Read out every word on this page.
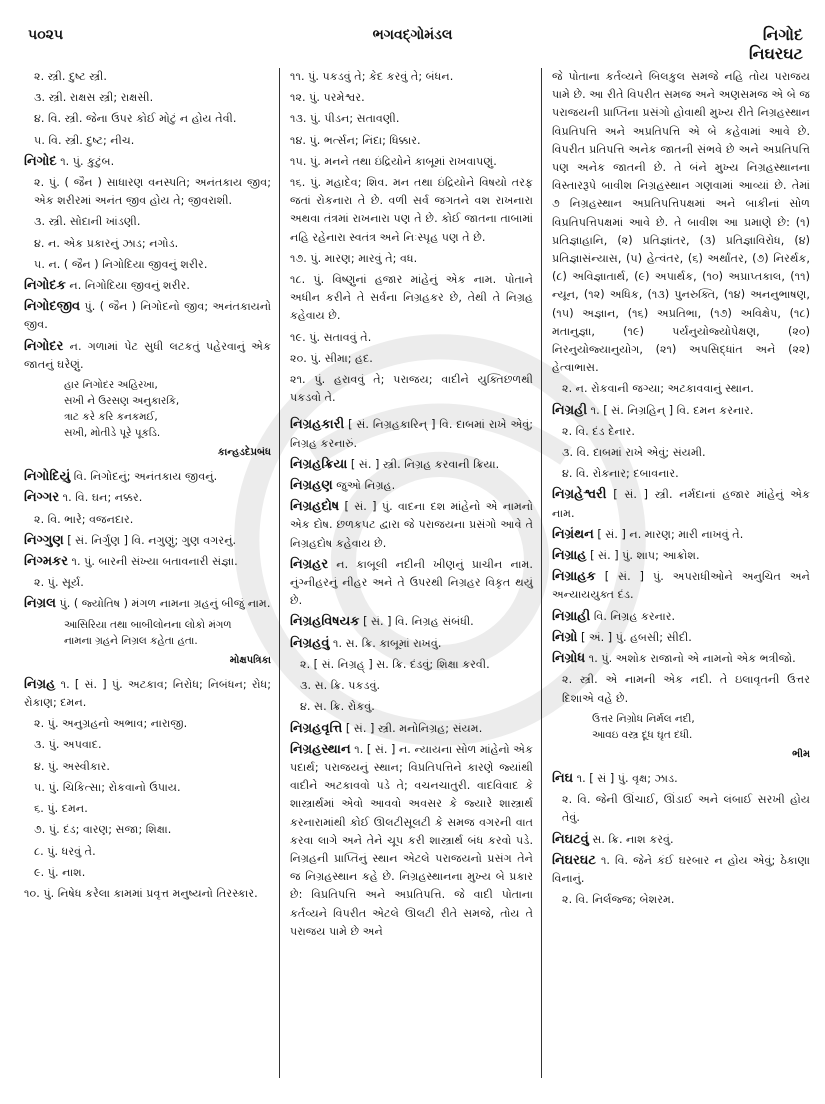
૫૦૨૫	ભગવદ્ગોમંડલ	નિગોદ
નિઘરઘટ

૨. સ્ત્રી. દુષ્ટ સ્ત્રી.

૩. સ્ત્રી. રાક્ષસ સ્ત્રી; રાક્ષસી.

૪. વિ. સ્ત્રી. જેના ઉપર કોઈ મોટું ન હોય તેવી.

૫. વિ. સ્ત્રી. દુષ્ટ; નીચ.

નિગોદ ૧. પું. કુટુંબ.

૨. પું. ( જૈન ) સાધારણ વનસ્પતિ; અનંતકાય જીવ; એક શરીરમાં અનંત જીવ હોય તે; જીવરાશી.

૩. સ્ત્રી. સોદાની ખાંડણી.

૪. ન. એક પ્રકારનું ઝાડ; નગોડ.

૫. ન. ( જૈન ) નિગોદિયા જીવનું શરીર.

નિગોદક ન. નિગોદિયા જીવનું શરીર.

નિગોદજીવ પું. ( જૈન ) નિગોદનો જીવ; અનંતકાયનો જીવ.

નિગોદર ન. ગળામાં પેટ સુધી લટકતું પહેરવાનું એક જાતનું ઘરેણું.

હાર નિગોદર અહિરખા,
સખી ને ઉરસણ અનુકારકિ,
ત્રાટ કરે કરિ કનકમઈ,
સખી, મોતીડે પૂરે પૂકડિ.
કાન્હડદેપ્રબંધ

નિગોદિયું વિ. નિગોદનું; અનંતકાય જીવનું.

નિગ્ગર ૧. વિ. ઘન; નક્કર.

૨. વિ. ભારે; વજનદાર.

નિગ્ગુણ [ સં. નિર્ગુણ ] વિ. નગુણું; ગુણ વગરનું.

નિગ્મકર ૧. પું. બારની સંખ્યા બતાવનારી સંજ્ઞા.

૨. પું. સૂર્ય.

નિગ્રલ પું. ( જ્યોતિષ ) મંગળ નામના ગ્રહનું બીજું નામ.

આસિરિયા તથા બાબીલોનના લોકો મંગળ
નામના ગ્રહને નિગ્રલ કહેતા હતા.
મોક્ષપત્રિકા

નિગ્રહ ૧. [ સં. ] પું. અટકાવ; નિરોધ; નિબંધન; રોધ; રોકાણ; દમન.

૨. પું. અનુગ્રહનો અભાવ; નારાજી.

૩. પું. અપવાદ.

૪. પું. અસ્વીકાર.

૫. પું. ચિકિત્સા; રોકવાનો ઉપાય.

૬. પું. દમન.

૭. પું. દંડ; વારણ; સજા; શિક્ષા.

૮. પું. ધરવું તે.

૯. પું. નાશ.

૧૦. પું. નિષેધ કરેલા કામમાં પ્રવૃત્ત મનુષ્યનો તિરસ્કાર.

૧૧. પું. પકડવું તે; કેદ કરવું તે; બંધન.

૧૨. પું. પરમેશ્વર.

૧૩. પું. પીડન; સતાવણી.

૧૪. પું. ભર્ત્સન; નિંદા; ધિક્કાર.

૧૫. પું. મનને તથા ઇંદ્રિયોને કાબૂમાં રાખવાપણું.

૧૬. પું. મહાદેવ; શિવ. મન તથા ઇંદ્રિયોને વિષયો તરફ જતાં રોકનારા તે છે. વળી સર્વ જગતને વશ રાખનારા અથવા તંત્રમાં રાખનારા પણ તે છે. કોઈ જાતના તાબામાં નહિ રહેનારા સ્વતંત્ર અને નિઃસ્પૃહ પણ તે છે.

૧૭. પું. મારણ; મારવું તે; વધ.

૧૮. પું. વિષ્ણુનાં હજાર માંહેનું એક નામ. પોતાને અધીન કરીને તે સર્વના નિગ્રહકર છે, તેથી તે નિગ્રહ કહેવાય છે.

૧૯. પું. સતાવવું તે.

૨૦. પું. સીમા; હદ.

૨૧. પું. હરાવવું તે; પરાજય; વાદીને યુક્તિછળથી પકડવો તે.

નિગ્રહકારી [ સં. નિગ્રહકારિન્ ] વિ. દાબમાં રાખે એવું; નિગ્રહ કરનારું.

નિગ્રહક્રિયા [ સં. ] સ્ત્રી. નિગ્રહ કરવાની ક્રિયા.

નિગ્રહણ જુઓ નિગ્રહ.

નિગ્રહદોષ [ સં. ] પું. વાદના દશ માંહેનો એ નામનો એક દોષ. છળકપટ દ્વારા જે પરાજયના પ્રસંગો આવે તે નિગ્રહદોષ કહેવાય છે.

નિગ્રહર ન. કાબૂલી નદીની ખીણનું પ્રાચીન નામ. નુંગ્નીહરનું નીહર અને તે ઉપરથી નિગ્રહર વિકૃત થયું છે.

નિગ્રહવિષયક [ સં. ] વિ. નિગ્રહ સંબંધી.

નિગ્રહવું ૧. સ. ક્રિ. કાબૂમાં રાખવું.

૨. [ સં. નિગ્રહ્ ] સ. ક્રિ. દંડવું; શિક્ષા કરવી.

૩. સ. ક્રિ. પકડવું.

૪. સ. ક્રિ. રોકવું.

નિગ્રહવૃત્તિ [ સં. ] સ્ત્રી. મનોનિગ્રહ; સંયમ.

નિગ્રહસ્થાન ૧. [ સં. ] ન. ન્યાયના સોળ માંહેનો એક પદાર્થ; પરાજયનું સ્થાન; વિપ્રતિપત્તિને કારણે જ્યાંથી વાદીને અટકાવવો પડે તે; વચનચાતુરી. વાદવિવાદ કે શાસ્ત્રાર્થમાં એવો આવવો અવસર કે જ્યારે શાસ્ત્રાર્થ કરનારામાંથી કોઈ ઊલટીસૂલટી કે સમજ વગરની વાત કરવા લાગે અને તેને ચૂપ કરી શાસ્ત્રાર્થ બંધ કરવો પડે. નિગ્રહની પ્રાપ્તિનું સ્થાન એટલે પરાજયનો પ્રસંગ તેને જ નિગ્રહસ્થાન કહે છે. નિગ્રહસ્થાનના મુખ્ય બે પ્રકાર છે: વિપ્રતિપત્તિ અને અપ્રતિપત્તિ. જે વાદી પોતાના કર્તવ્યને વિપરીત એટલે ઊલટી રીતે સમજે, તોય તે પરાજય પામે છે અને

જે પોતાના કર્તવ્યને બિલકુલ સમજે નહિ તોય પરાજય પામે છે. આ રીતે વિપરીત સમજ અને અણસમજ એ બે જ પરાજયની પ્રાપ્તિના પ્રસંગો હોવાથી મુખ્ય રીતે નિગ્રહસ્થાન વિપ્રતિપત્તિ અને અપ્રતિપત્તિ એ બે કહેવામાં આવે છે. વિપરીત પ્રતિપત્તિ અનેક જાતની સંભવે છે અને અપ્રતિપત્તિ પણ અનેક જાતની છે. તે બંને મુખ્ય નિગ્રહસ્થાનના વિસ્તારરૂપે બાવીશ નિગ્રહસ્થાન ગણવામાં આવ્યાં છે. તેમાં ૭ નિગ્રહસ્થાન અપ્રતિપત્તિપક્ષમાં અને બાકીનાં સોળ વિપ્રતિપત્તિપક્ષમાં આવે છે. તે બાવીશ આ પ્રમાણે છે: (૧) પ્રતિજ્ઞાહાનિ, (૨) પ્રતિજ્ઞાંતર, (૩) પ્રતિજ્ઞાવિરોધ, (૪) પ્રતિજ્ઞાસંન્યાસ, (૫) હેત્વંતર, (૬) અર્થાંતર, (૭) નિરર્થક, (૮) અવિજ્ઞાતાર્થ, (૯) અપાર્થક, (૧૦) અપ્રાપ્તકાલ, (૧૧) ન્યૂન, (૧૨) અધિક, (૧૩) પુનરુક્તિ, (૧૪) અનનુભાષણ, (૧૫) અજ્ઞાન, (૧૬) અપ્રતિભા, (૧૭) અવિક્ષેપ, (૧૮) મતાનુજ્ઞા, (૧૯) પર્યનુયોજ્યોપેક્ષણ, (૨૦) નિરનુયોજ્યાનુયોગ, (૨૧) અપસિદ્ધાંત અને (૨૨) હેત્વાભાસ.

૨. ન. રોકવાની જગ્યા; અટકાવવાનું સ્થાન.

નિગ્રહી ૧. [ સં. નિગ્રહિન્ ] વિ. દમન કરનાર.

૨. વિ. દંડ દેનાર.

૩. વિ. દાબમાં રાખે એવું; સંયમી.

૪. વિ. રોકનાર; દબાવનાર.

નિગ્રહેશ્વરી [ સં. ] સ્ત્રી. નર્મદાનાં હજાર માંહેનું એક નામ.

નિગ્રંથન [ સં. ] ન. મારણ; મારી નાખવું તે.

નિગ્રાહ [ સં. ] પું. શાપ; આક્રોશ.

નિગ્રાહક [ સં. ] પું. અપરાધીઓને અનુચિત અને અન્યાયયુક્ત દંડ.

નિગ્રાહી વિ. નિગ્રહ કરનાર.

નિગ્રો [ અં. ] પું. હબસી; સીદી.

નિગ્રોધ ૧. પું. અશોક રાજાનો એ નામનો એક ભત્રીજો.

૨. સ્ત્રી. એ નામની એક નદી. તે ઇલાવૃતની ઉત્તર દિશાએ વહે છે.

ઉત્તર નિગ્રોધ નિર્મલ નદી,
આવઇ વસ્ત્ર દૂધ ઘૃત દધી.
ભીમ

નિઘ ૧. [ સં ] પું. વૃક્ષ; ઝાડ.

૨. વિ. જેની ઊંચાઈ, ઊંડાઈ અને લંબાઈ સરખી હોય તેવું.

નિઘટવું સ. ક્રિ. નાશ કરવું.

નિઘરઘટ ૧. વિ. જેને કંઈ ઘરબાર ન હોય એવું; ઠેકાણા વિનાનું.

૨. વિ. નિર્લજ્જ; બેશરમ.
